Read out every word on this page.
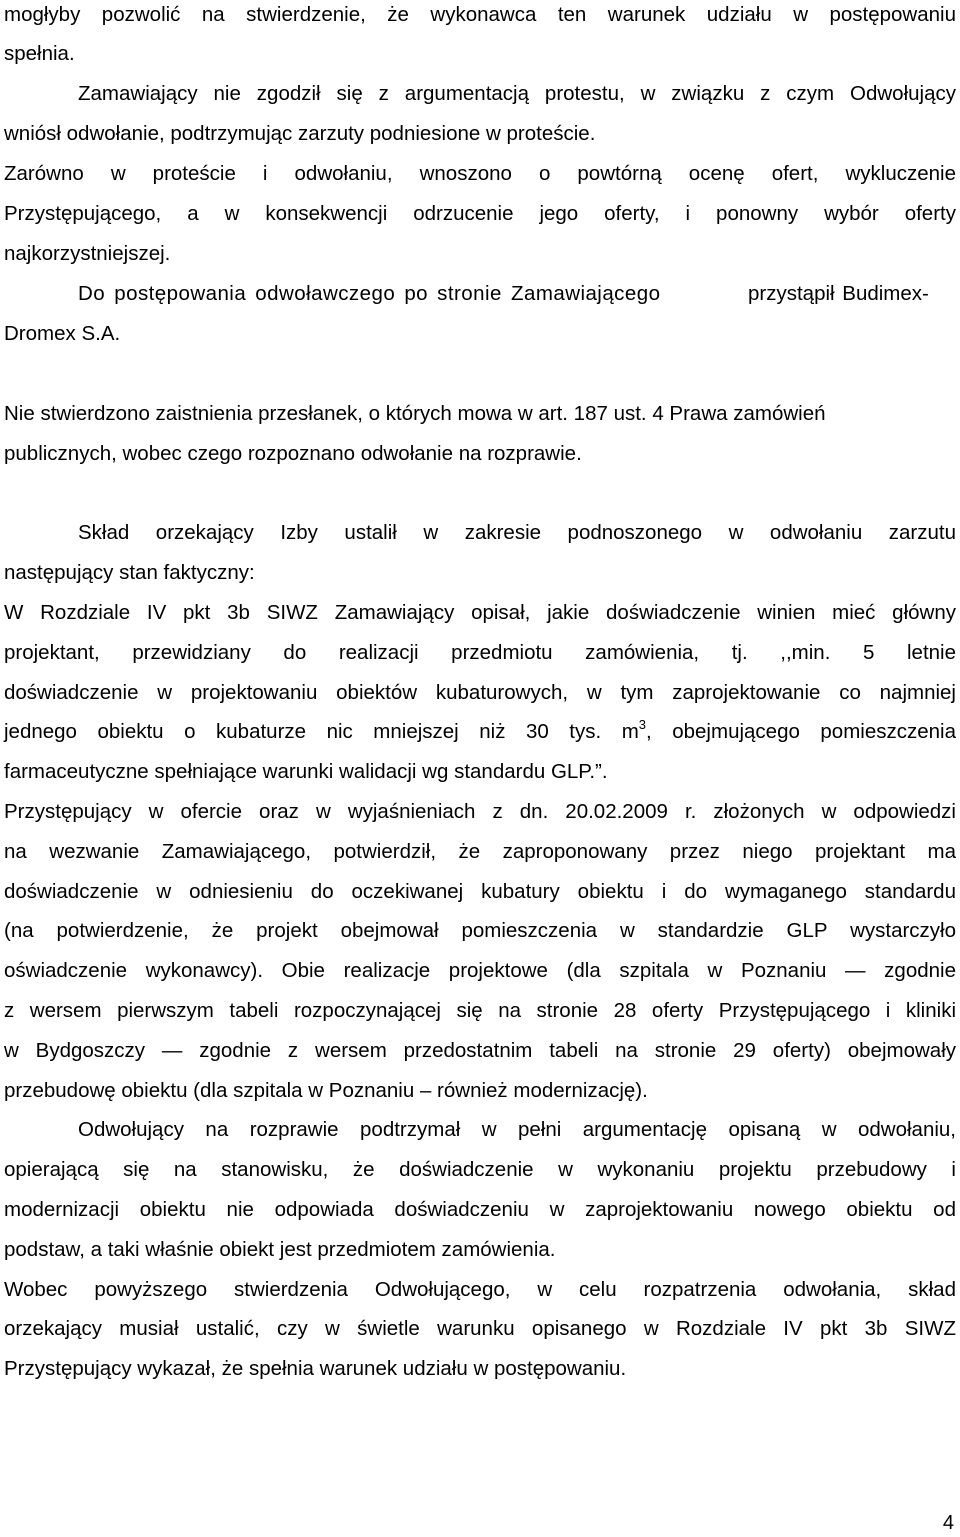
mogłyby pozwolić na stwierdzenie, że wykonawca ten warunek udziału w postępowaniu
spełnia.
Zamawiający nie zgodził się z argumentacją protestu, w związku z czym Odwołujący
wniósł odwołanie, podtrzymując zarzuty podniesione w proteście.
Zarówno w proteście i odwołaniu, wnoszono o powtórną ocenę ofert, wykluczenie
Przystępującego, a w konsekwencji odrzucenie jego oferty, i ponowny wybór oferty
najkorzystniejszej.
Do postępowania odwoławczego po stronie Zamawiającego	przystąpił Budimex-
Dromex S.A.
Nie stwierdzono zaistnienia przesłanek, o których mowa w art. 187 ust. 4 Prawa zamówień
publicznych, wobec czego rozpoznano odwołanie na rozprawie.
Skład orzekający Izby ustalił w zakresie podnoszonego w odwołaniu zarzutu
następujący stan faktyczny:
W Rozdziale IV pkt 3b SIWZ Zamawiający opisał, jakie doświadczenie winien mieć główny
projektant, przewidziany do realizacji przedmiotu zamówienia, tj. ,,min. 5 letnie
doświadczenie w projektowaniu obiektów kubaturowych, w tym zaprojektowanie co najmniej
jednego obiektu o kubaturze nic mniejszej niż 30 tys. $m^3$, obejmującego pomieszczenia
farmaceutyczne spełniające warunki walidacji wg standardu GLP.”.
Przystępujący w ofercie oraz w wyjaśnieniach z dn. 20.02.2009 r. złożonych w odpowiedzi
na wezwanie Zamawiającego, potwierdził, że zaproponowany przez niego projektant ma
doświadczenie w odniesieniu do oczekiwanej kubatury obiektu i do wymaganego standardu
(na potwierdzenie, że projekt obejmował pomieszczenia w standardzie GLP wystarczyło
oświadczenie wykonawcy). Obie realizacje projektowe (dla szpitala w Poznaniu — zgodnie
z wersem pierwszym tabeli rozpoczynającej się na stronie 28 oferty Przystępującego i kliniki
w Bydgoszczy — zgodnie z wersem przedostatnim tabeli na stronie 29 oferty) obejmowały
przebudowę obiektu (dla szpitala w Poznaniu – również modernizację).
Odwołujący na rozprawie podtrzymał w pełni argumentację opisaną w odwołaniu,
opierającą się na stanowisku, że doświadczenie w wykonaniu projektu przebudowy i
modernizacji obiektu nie odpowiada doświadczeniu w zaprojektowaniu nowego obiektu od
podstaw, a taki właśnie obiekt jest przedmiotem zamówienia.
Wobec powyższego stwierdzenia Odwołującego, w celu rozpatrzenia odwołania, skład
orzekający musiał ustalić, czy w świetle warunku opisanego w Rozdziale IV pkt 3b SIWZ
Przystępujący wykazał, że spełnia warunek udziału w postępowaniu.
4
